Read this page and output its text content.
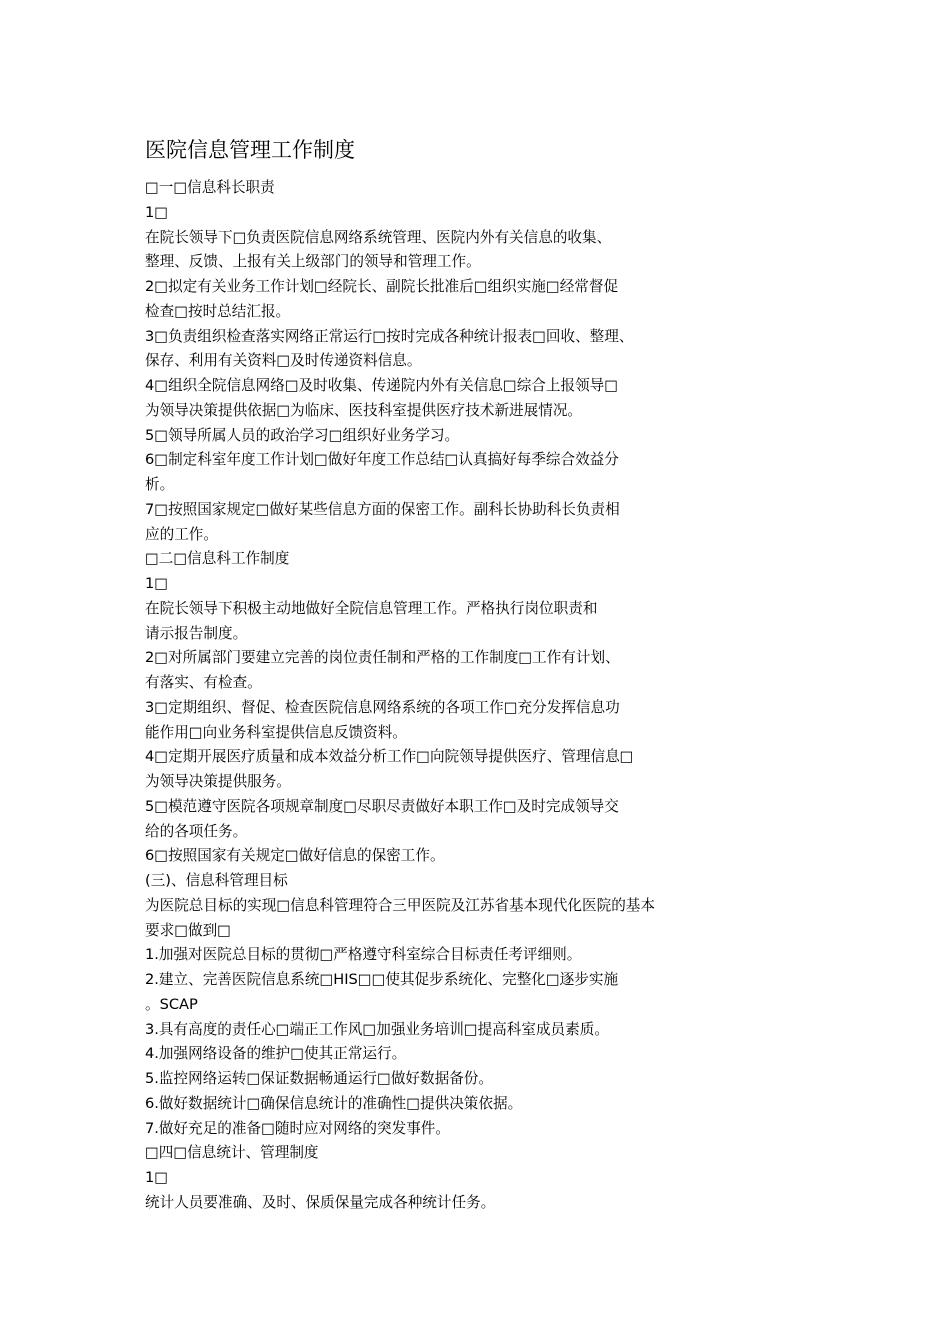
医院信息管理工作制度
□一□信息科长职责
1□
在院长领导下□负责医院信息网络系统管理、医院内外有关信息的收集、
整理、反馈、上报有关上级部门的领导和管理工作。
2□拟定有关业务工作计划□经院长、副院长批准后□组织实施□经常督促
检查□按时总结汇报。
3□负责组织检查落实网络正常运行□按时完成各种统计报表□回收、整理、
保存、利用有关资料□及时传递资料信息。
4□组织全院信息网络□及时收集、传递院内外有关信息□综合上报领导□
为领导决策提供依据□为临床、医技科室提供医疗技术新进展情况。
5□领导所属人员的政治学习□组织好业务学习。
6□制定科室年度工作计划□做好年度工作总结□认真搞好每季综合效益分
析。
7□按照国家规定□做好某些信息方面的保密工作。副科长协助科长负责相
应的工作。
□二□信息科工作制度
1□
在院长领导下积极主动地做好全院信息管理工作。严格执行岗位职责和
请示报告制度。
2□对所属部门要建立完善的岗位责任制和严格的工作制度□工作有计划、
有落实、有检查。
3□定期组织、督促、检查医院信息网络系统的各项工作□充分发挥信息功
能作用□向业务科室提供信息反馈资料。
4□定期开展医疗质量和成本效益分析工作□向院领导提供医疗、管理信息□
为领导决策提供服务。
5□模范遵守医院各项规章制度□尽职尽责做好本职工作□及时完成领导交
给的各项任务。
6□按照国家有关规定□做好信息的保密工作。
(三)、信息科管理目标
为医院总目标的实现□信息科管理符合三甲医院及江苏省基本现代化医院的基本
要求□做到□
1.加强对医院总目标的贯彻□严格遵守科室综合目标责任考评细则。
2.建立、完善医院信息系统□HIS□□使其促步系统化、完整化□逐步实施
。SCAP
3.具有高度的责任心□端正工作风□加强业务培训□提高科室成员素质。
4.加强网络设备的维护□使其正常运行。
5.监控网络运转□保证数据畅通运行□做好数据备份。
6.做好数据统计□确保信息统计的准确性□提供决策依据。
7.做好充足的准备□随时应对网络的突发事件。
□四□信息统计、管理制度
1□
统计人员要准确、及时、保质保量完成各种统计任务。
